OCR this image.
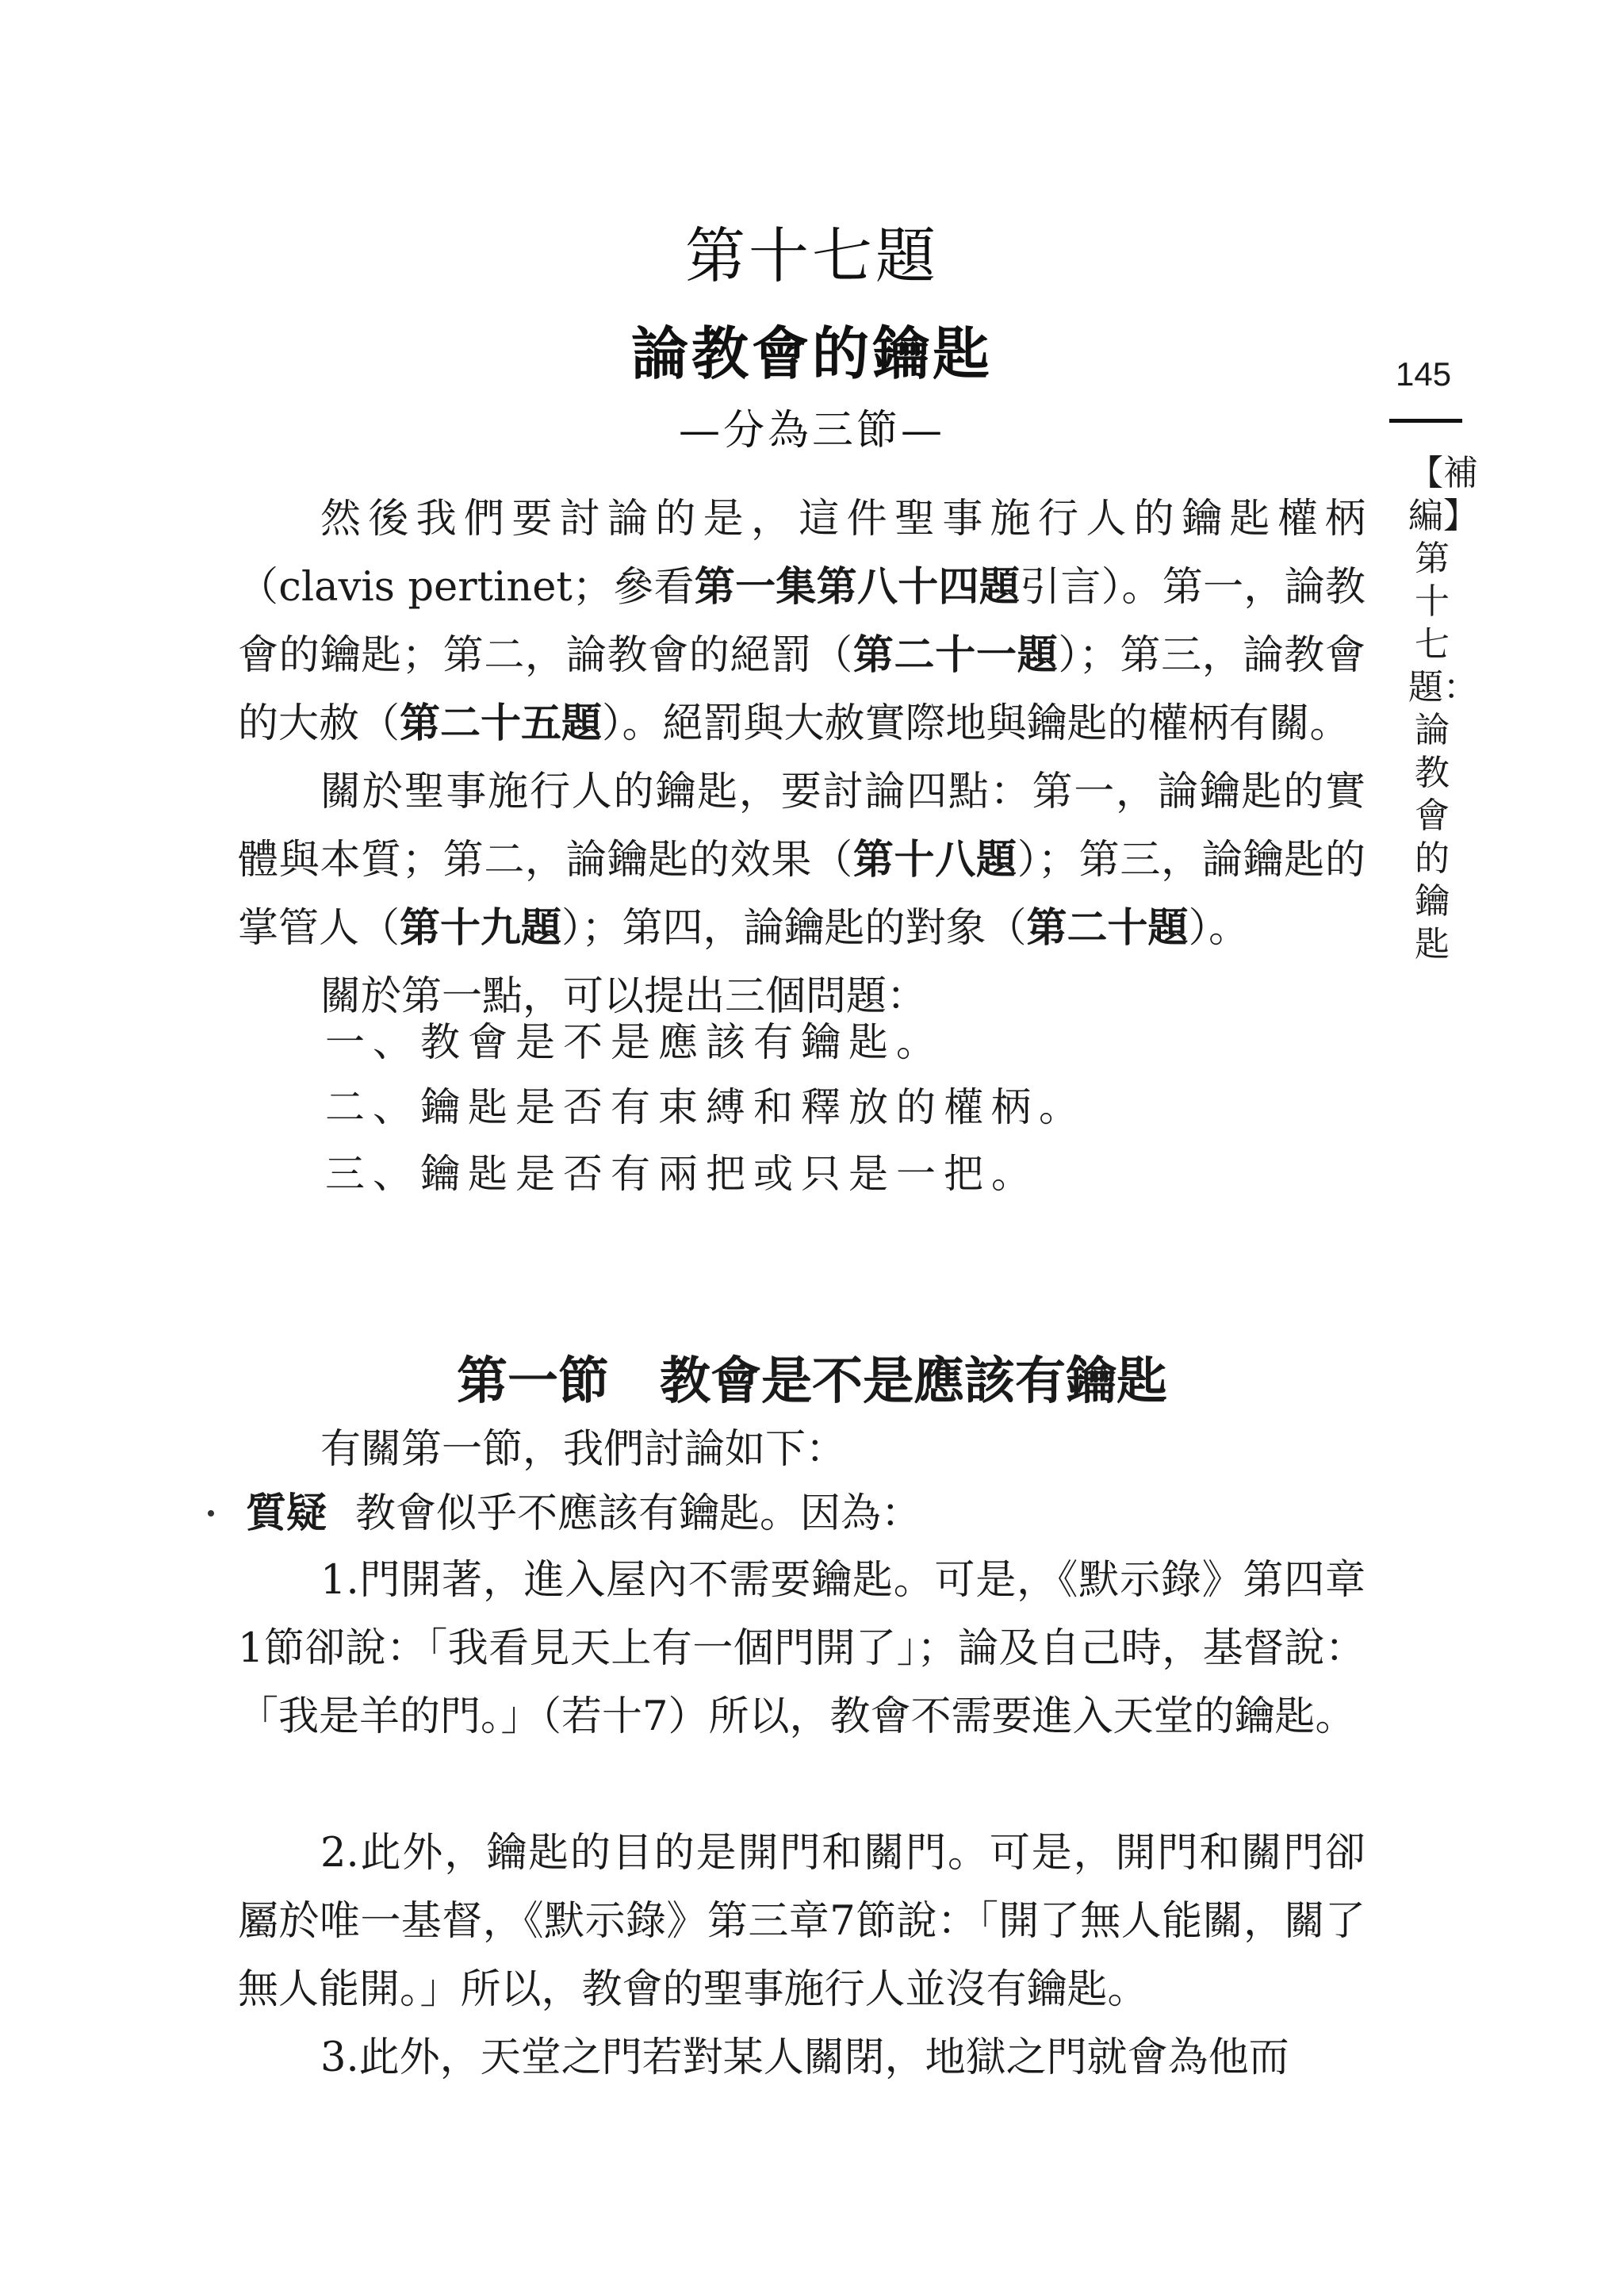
第十七題
論教會的鑰匙
—分為三節—

然後我們要討論的是，這件聖事施行人的鑰匙權柄（clavis pertinet；參看第一集第八十四題引言）。第一，論教會的鑰匙；第二，論教會的絕罰（第二十一題）；第三，論教會的大赦（第二十五題）。絕罰與大赦實際地與鑰匙的權柄有關。

關於聖事施行人的鑰匙，要討論四點：第一，論鑰匙的實體與本質；第二，論鑰匙的效果（第十八題）；第三，論鑰匙的掌管人（第十九題）；第四，論鑰匙的對象（第二十題）。

關於第一點，可以提出三個問題：

一、教會是不是應該有鑰匙。

二、鑰匙是否有束縛和釋放的權柄。

三、鑰匙是否有兩把或只是一把。

第一節　教會是不是應該有鑰匙

有關第一節，我們討論如下：

質疑 教會似乎不應該有鑰匙。因為：

1.門開著，進入屋內不需要鑰匙。可是，《默示錄》第四章1節卻說：「我看見天上有一個門開了」；論及自己時，基督說：「我是羊的門。」（若十7）所以，教會不需要進入天堂的鑰匙。

2.此外，鑰匙的目的是開門和關門。可是，開門和關門卻屬於唯一基督，《默示錄》第三章7節說：「開了無人能關，關了無人能開。」所以，教會的聖事施行人並沒有鑰匙。

3.此外，天堂之門若對某人關閉，地獄之門就會為他而

145
【補編】第十七題：論教會的鑰匙
